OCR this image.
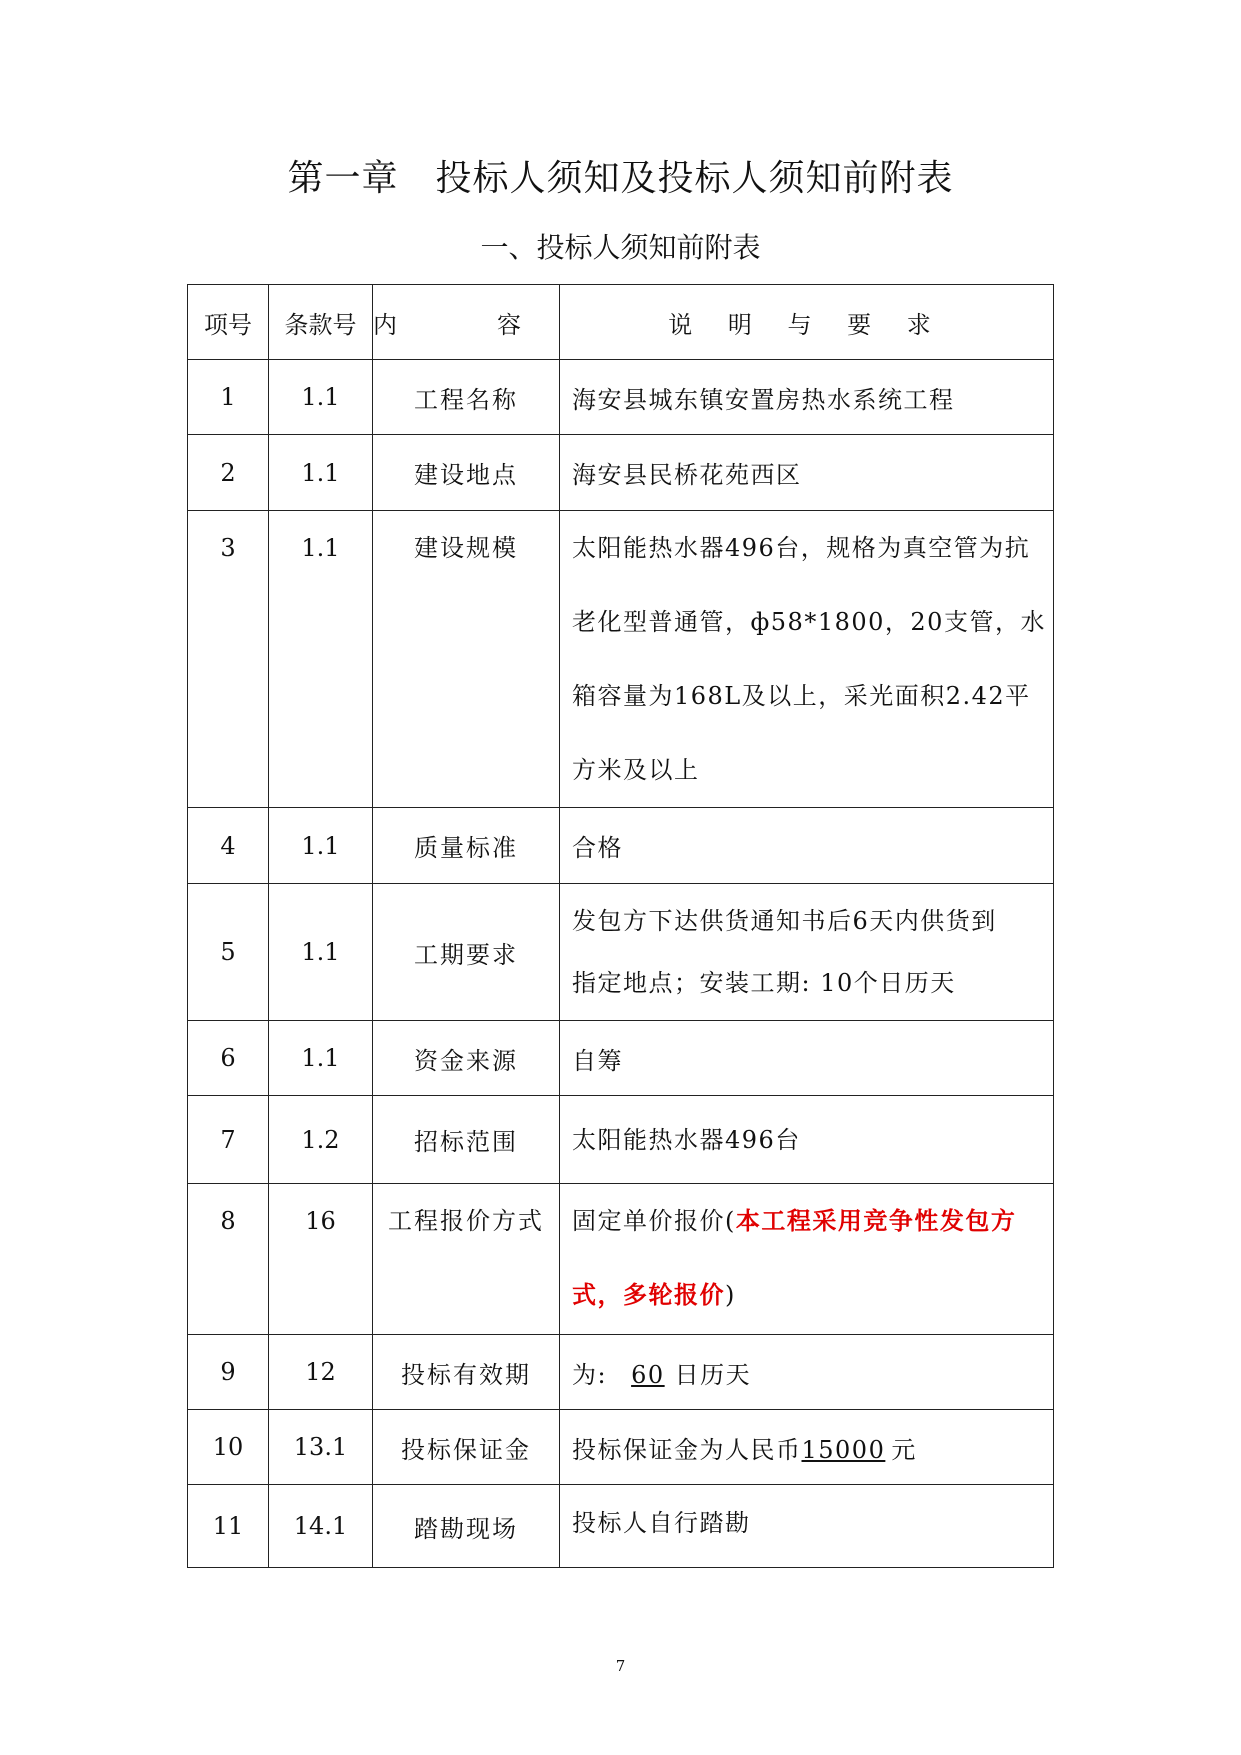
第一章　投标人须知及投标人须知前附表
一、投标人须知前附表
项号	条款号	内　容	说 明 与 要 求
1	1.1	工程名称	海安县城东镇安置房热水系统工程
2	1.1	建设地点	海安县民桥花苑西区
3	1.1	建设规模	太阳能热水器496台，规格为真空管为抗
老化型普通管，ф58*1800，20支管，水
箱容量为168L及以上，采光面积2.42平
方米及以上

4	1.1	质量标准	合格
5	1.1	工期要求	发包方下达供货通知书后6天内供货到
指定地点；安装工期: 10个日历天

6	1.1	资金来源	自筹
7	1.2	招标范围	太阳能热水器496台
8	16	工程报价方式	固定单价报价(本工程采用竞争性发包方
式，多轮报价)

9	12	投标有效期	为: 60 日历天
10	13.1	投标保证金	投标保证金为人民币15000 元
11	14.1	踏勘现场	投标人自行踏勘
7
